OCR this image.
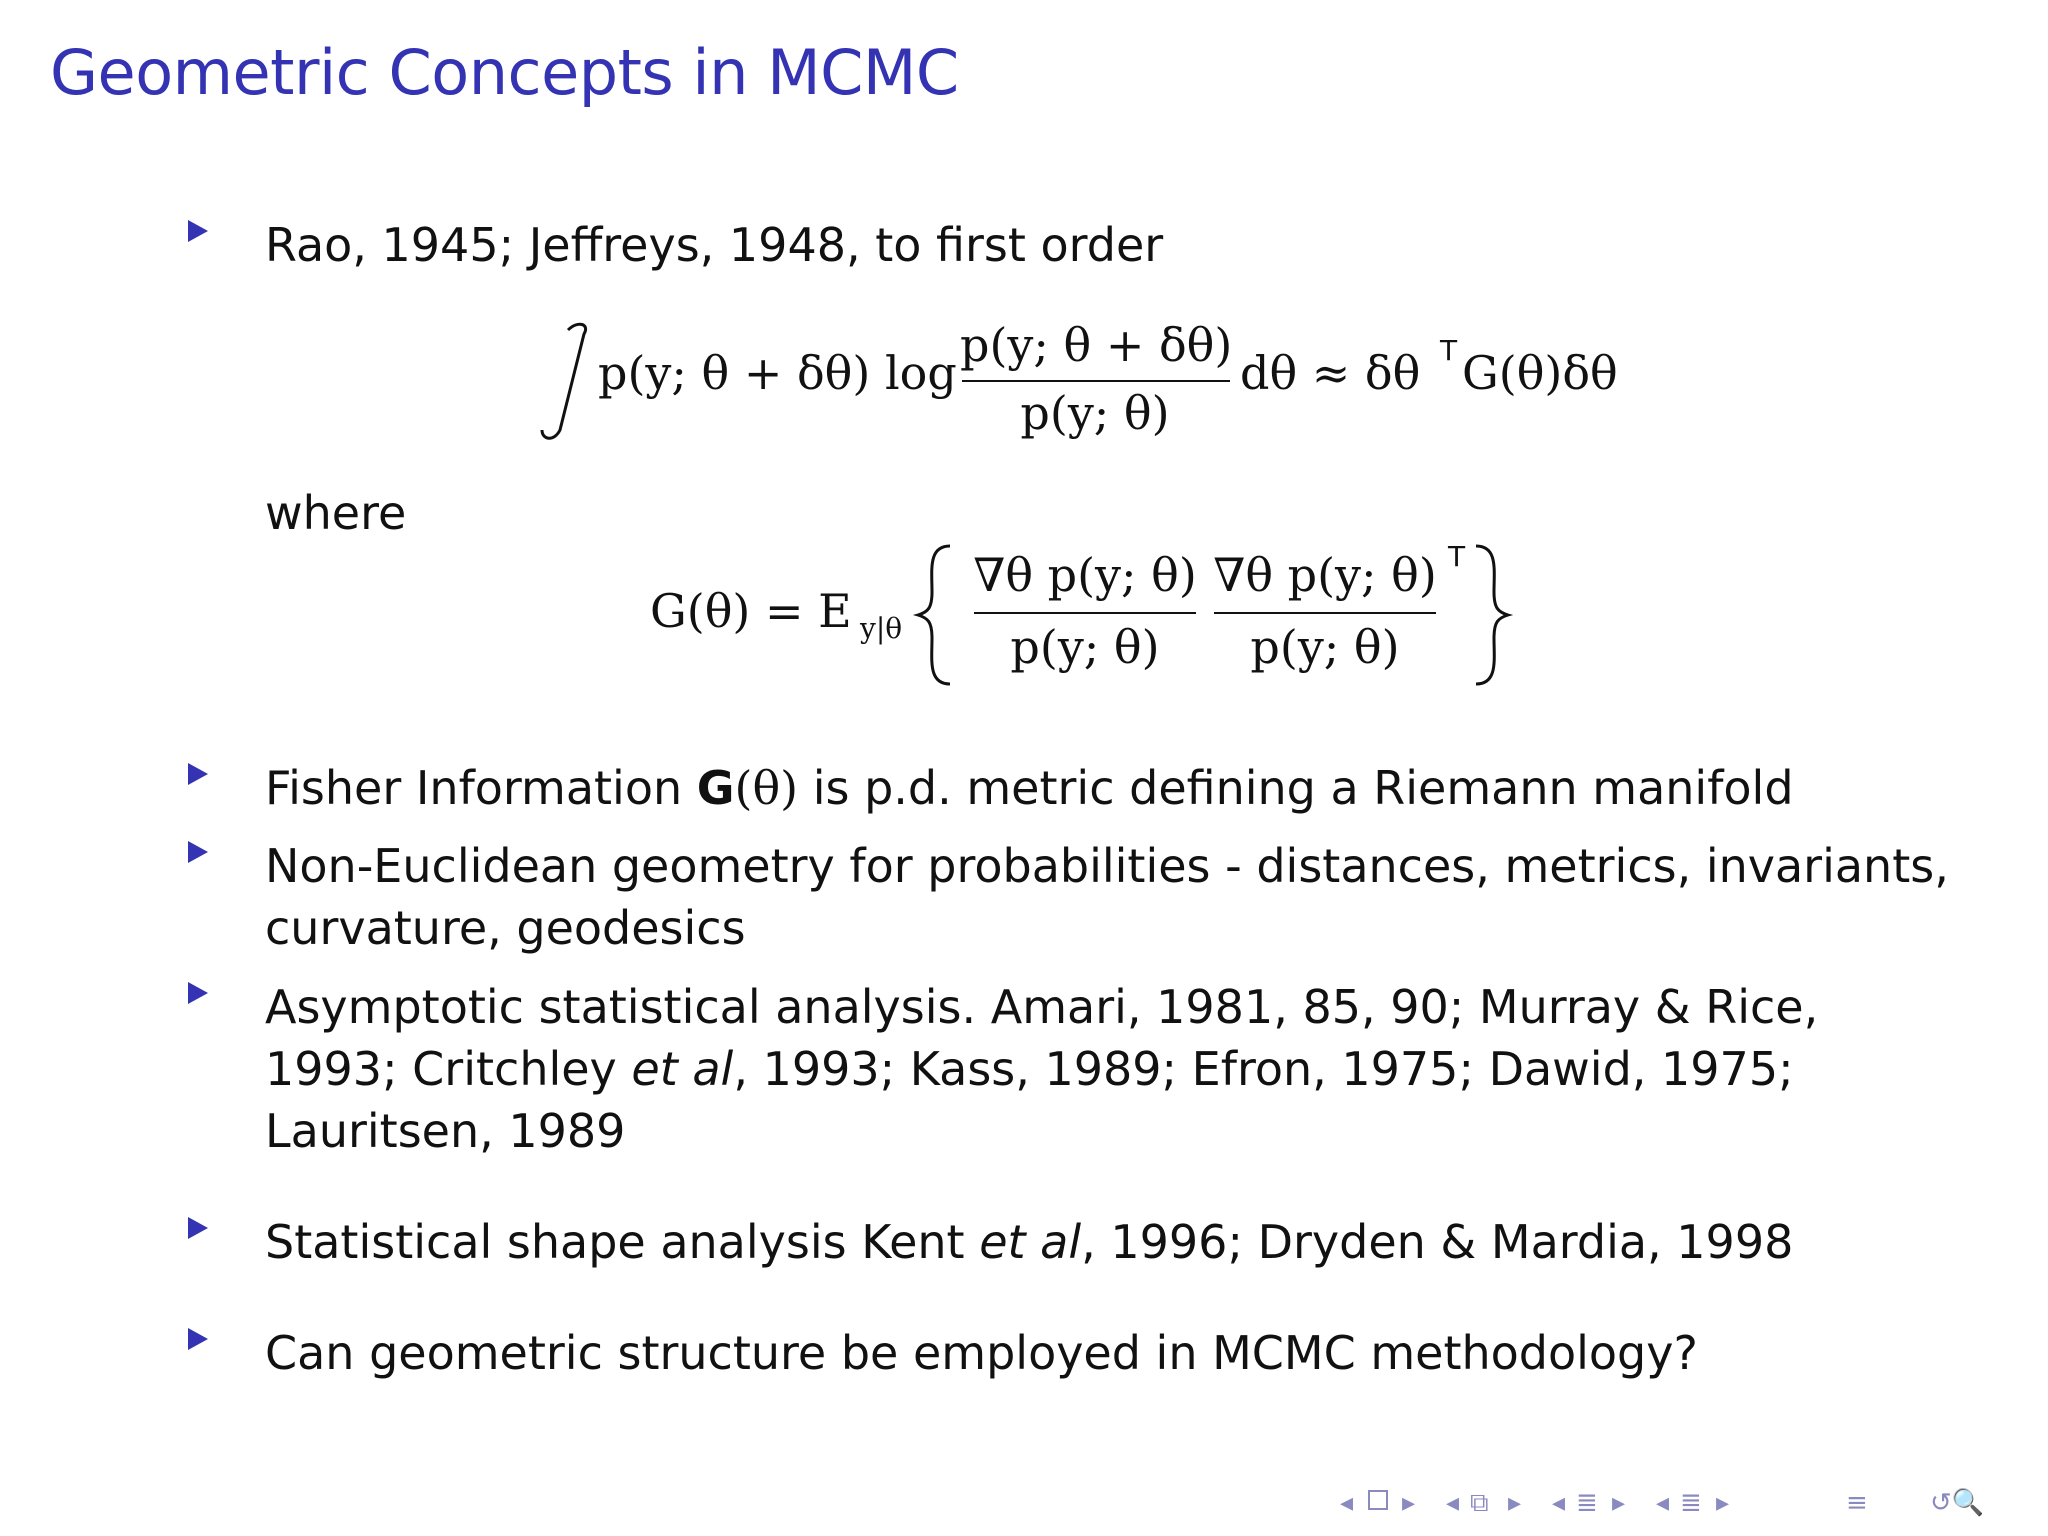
Geometric Concepts in MCMC
Rao, 1945; Jeffreys, 1948, to first order
p(y; θ + δθ) log
p(y; θ + δθ)
p(y; θ)
dθ ≈ δθ T G(θ)δθ
where
G(θ) = E y|θ
∇θ p(y; θ)
p(y; θ)
∇θ p(y; θ)
p(y; θ)
T
Fisher Information G(θ) is p.d. metric defining a Riemann manifold
Non-Euclidean geometry for probabilities - distances, metrics, invariants,
curvature, geodesics
Asymptotic statistical analysis. Amari, 1981, 85, 90; Murray & Rice,
1993; Critchley et al, 1993; Kass, 1989; Efron, 1975; Dawid, 1975;
Lauritsen, 1989
Statistical shape analysis Kent et al, 1996; Dryden & Mardia, 1998
Can geometric structure be employed in MCMC methodology?
◂ ▸ ◂ ⧉ ▸ ◂ ≣ ▸ ◂ ≣ ▸	≡ ↺🔍
